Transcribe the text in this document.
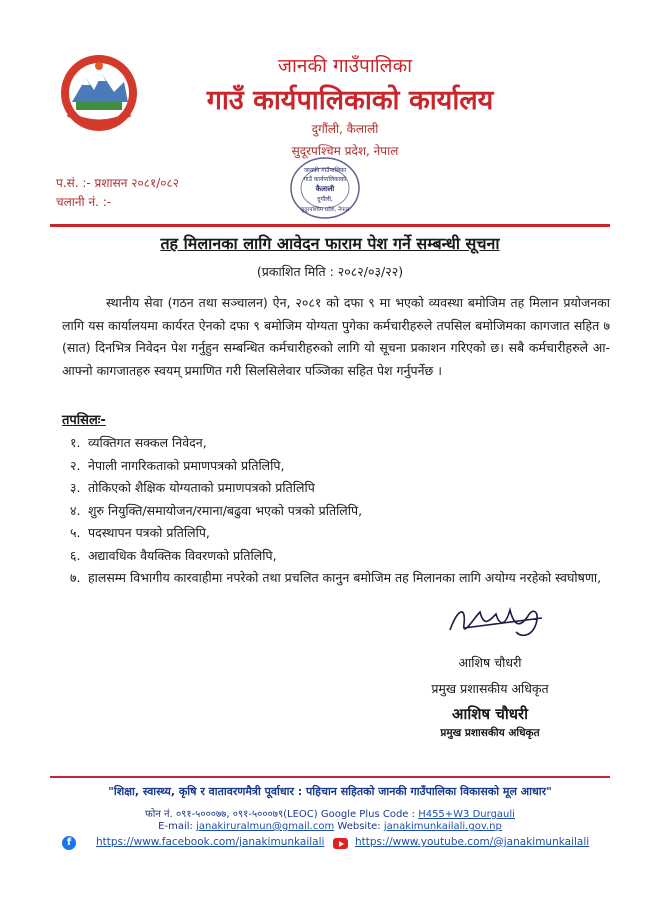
जानकी गाउँपालिका
गाउँ कार्यपालिकाको कार्यालय
दुगौंली, कैलाली
सुदूरपश्चिम प्रदेश, नेपाल
प.सं. :- प्रशासन २०८१/०८२
चलानी नं. :-
जानकी गाउँपालिका
गाउँ कार्यपालिकाको
कैलाली
दुगौंली,
सुदूरपश्चिम प्रदेश, नेपाल
तह मिलानका लागि आवेदन फाराम पेश गर्ने सम्बन्धी सूचना
(प्रकाशित मिति : २०८२/०३/२२)

स्थानीय सेवा (गठन तथा सञ्चालन) ऐन, २०८१ को दफा ९ मा भएको व्यवस्था बमोजिम तह मिलान प्रयोजनका लागि यस कार्यालयमा कार्यरत ऐनको दफा ९ बमोजिम योग्यता पुगेका कर्मचारीहरुले तपसिल बमोजिमका कागजात सहित ७ (सात) दिनभित्र निवेदन पेश गर्नुहुन सम्बन्धित कर्मचारीहरुको लागि यो सूचना प्रकाशन गरिएको छ। सबै कर्मचारीहरुले आ-आफ्नो कागजातहरु स्वयम् प्रमाणित गरी सिलसिलेवार पञ्जिका सहित पेश गर्नुपर्नेछ ।

तपसिलः-
१. व्यक्तिगत सक्कल निवेदन,
२. नेपाली नागरिकताको प्रमाणपत्रको प्रतिलिपि,
३. तोकिएको शैक्षिक योग्यताको प्रमाणपत्रको प्रतिलिपि
४. शुरु नियुक्ति/समायोजन/रमाना/बढुवा भएको पत्रको प्रतिलिपि,
५. पदस्थापन पत्रको प्रतिलिपि,
६. अद्यावधिक वैयक्तिक विवरणको प्रतिलिपि,
७. हालसम्म विभागीय कारवाहीमा नपरेको तथा प्रचलित कानुन बमोजिम तह मिलानका लागि अयोग्य नरहेको स्वघोषणा,
आशिष चौधरी
प्रमुख प्रशासकीय अधिकृत
आशिष चौधरी
प्रमुख प्रशासकीय अधिकृत
"शिक्षा, स्वास्थ्य, कृषि र वातावरणमैत्री पूर्वाधार : पहिचान सहितको जानकी गाउँपालिका विकासको मूल आधार"
फोन नं. ०९१-५०००७७, ०९१-५०००७९(LEOC) Google Plus Code : H455+W3 Durgauli
E-mail: janakiruralmun@gmail.com Website: janakimunkailali.gov.np
f	https://www.facebook.com/janakimunkailali	https://www.youtube.com/@janakimunkailali
